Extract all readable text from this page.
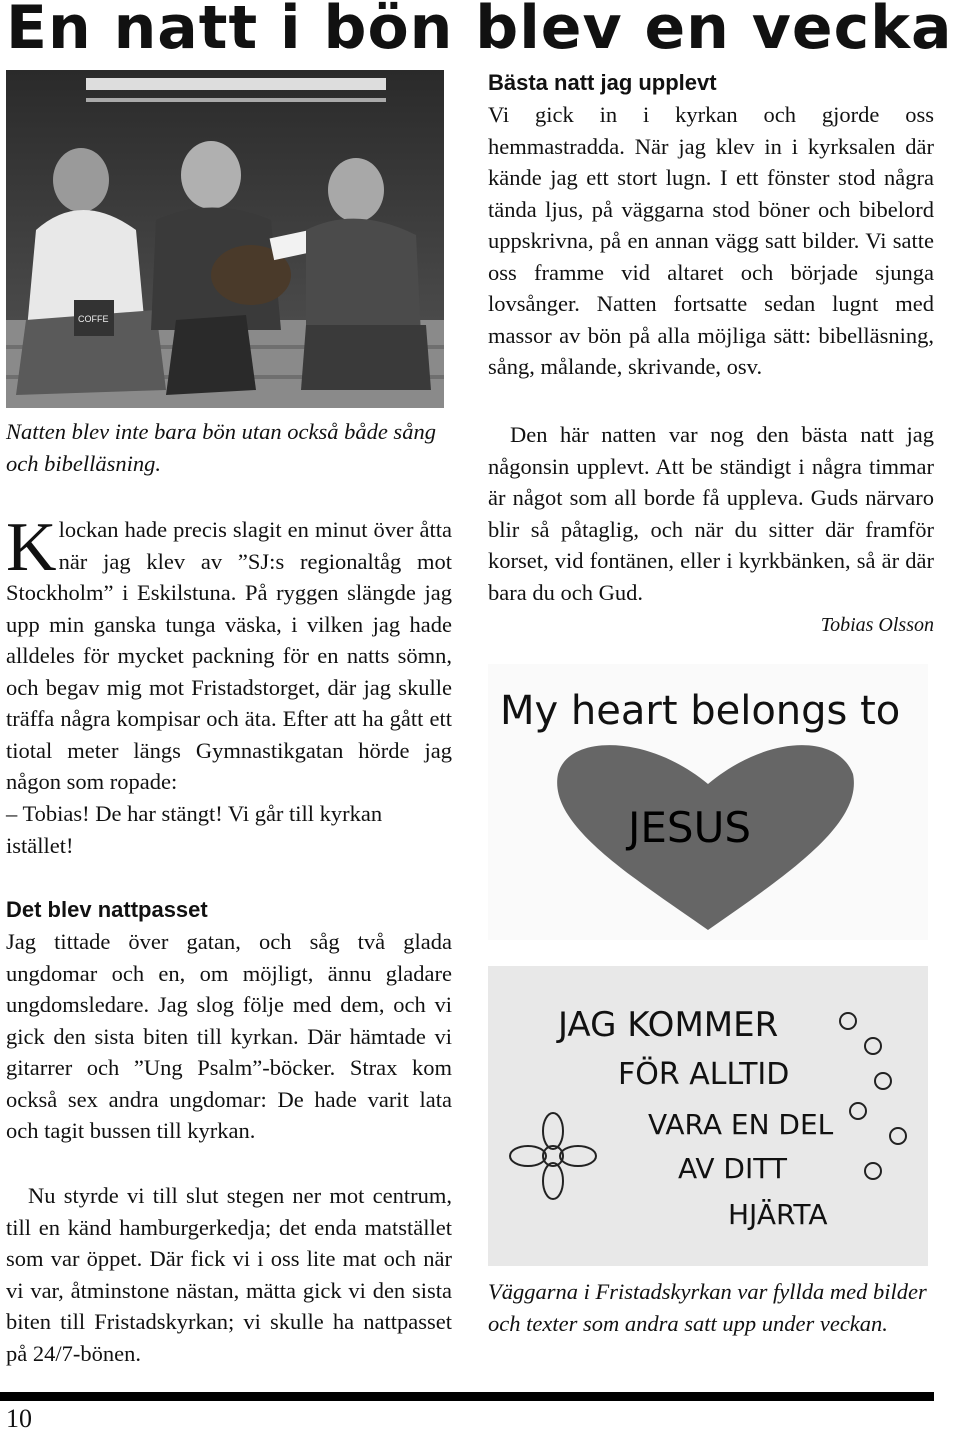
En natt i bön blev en vecka
COFFE
Natten blev inte bara bön utan också både sång och bibelläsning.
Klockan hade precis slagit en minut över åtta när jag klev av ”SJ:s regionaltåg mot Stockholm” i Eskilstuna. På ryggen slängde jag upp min ganska tunga väska, i vilken jag hade alldeles för mycket packning för en natts sömn, och begav mig mot Fristadstorget, där jag skulle träffa några kompisar och äta. Efter att ha gått ett tiotal meter längs Gymnastikgatan hörde jag någon som ropade:
– Tobias! De har stängt! Vi går till kyrkan istället!
Det blev nattpasset
Jag tittade över gatan, och såg två glada ungdomar och en, om möjligt, ännu gladare ungdomsledare. Jag slog följe med dem, och vi gick den sista biten till kyrkan. Där hämtade vi gitarrer och ”Ung Psalm”-böcker. Strax kom också sex andra ungdomar: De hade varit lata och tagit bussen till kyrkan.
Nu styrde vi till slut stegen ner mot centrum, till en känd hamburgerkedja; det enda matstället som var öppet. Där fick vi i oss lite mat och när vi var, åtminstone nästan, mätta gick vi den sista biten till Fristadskyrkan; vi skulle ha nattpasset på 24/7-bönen.
Bästa natt jag upplevt
Vi gick in i kyrkan och gjorde oss hemmastradda. När jag klev in i kyrksalen där kände jag ett stort lugn. I ett fönster stod några tända ljus, på väggarna stod böner och bibelord uppskrivna, på en annan vägg satt bilder. Vi satte oss framme vid altaret och började sjunga lovsånger. Natten fortsatte sedan lugnt med massor av bön på alla möjliga sätt: bibelläsning, sång, målande, skrivande, osv.
Den här natten var nog den bästa natt jag någonsin upplevt. Att be ständigt i några timmar är något som all borde få uppleva. Guds närvaro blir så påtaglig, och när du sitter där framför korset, vid fontänen, eller i kyrkbänken, så är där bara du och Gud.
Tobias Olsson
My heart belongs to
JESUS
JAG KOMMER
FÖR ALLTID
VARA EN DEL
AV DITT
HJÄRTA
Väggarna i Fristadskyrkan var fyllda med bilder och texter som andra satt upp under veckan.
10
